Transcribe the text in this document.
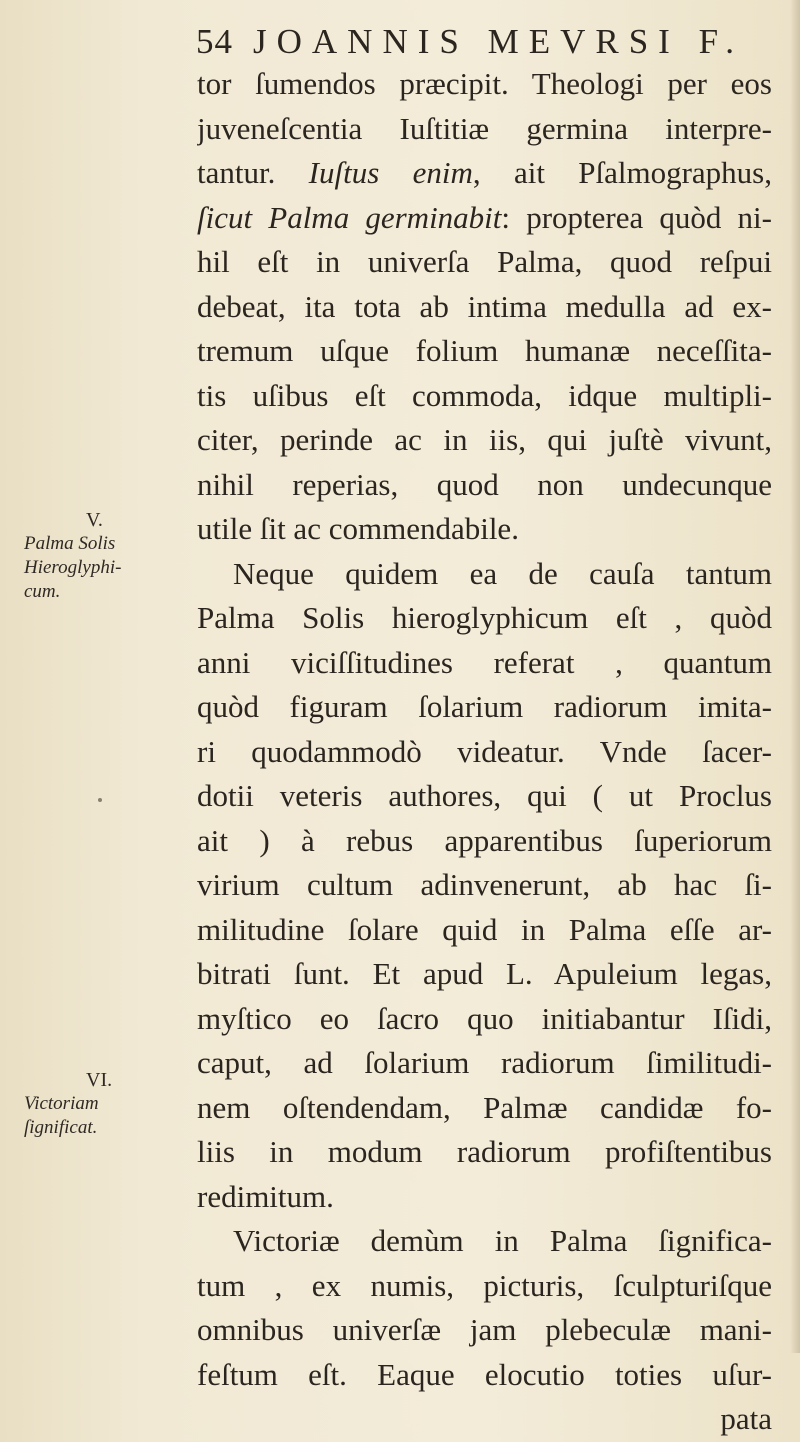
54 JOANNIS MEVRSI F.
tor ſumendos præcipit. Theologi per eos
juveneſcentia Iuſtitiæ germina interpre-
tantur. Iuſtus enim, ait Pſalmographus,
ſicut Palma germinabit: propterea quòd ni-
hil eſt in univerſa Palma, quod reſpui
debeat, ita tota ab intima medulla ad ex-
tremum uſque folium humanæ neceſſita-
tis uſibus eſt commoda, idque multipli-
citer, perinde ac in iis, qui juſtè vivunt,
nihil reperias, quod non undecunque
utile ſit ac commendabile.
Neque quidem ea de cauſa tantum
Palma Solis hieroglyphicum eſt , quòd
anni viciſſitudines referat , quantum
quòd figuram ſolarium radiorum imita-
ri quodammodò videatur. Vnde ſacer-
dotii veteris authores, qui ( ut Proclus
ait ) à rebus apparentibus ſuperiorum
virium cultum adinvenerunt, ab hac ſi-
militudine ſolare quid in Palma eſſe ar-
bitrati ſunt. Et apud L. Apuleium legas,
myſtico eo ſacro quo initiabantur Iſidi,
caput, ad ſolarium radiorum ſimilitudi-
nem oſtendendam, Palmæ candidæ fo-
liis in modum radiorum profiſtentibus
redimitum.
Victoriæ demùm in Palma ſignifica-
tum , ex numis, picturis, ſculpturiſque
omnibus univerſæ jam plebeculæ mani-
feſtum eſt. Eaque elocutio toties uſur-
pata
V.
Palma Solis
Hieroglyphi-
cum.
VI.
Victoriam
ſignificat.
